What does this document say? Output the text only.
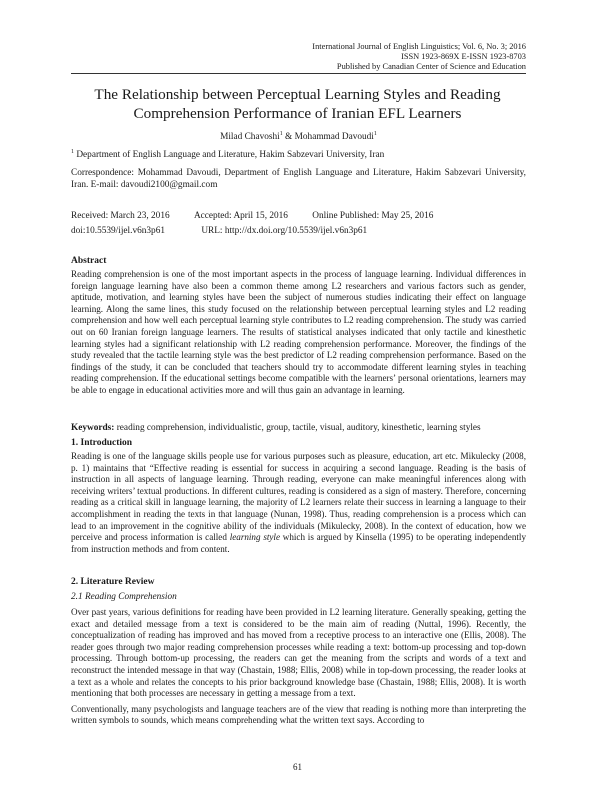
International Journal of English Linguistics; Vol. 6, No. 3; 2016
ISSN 1923-869X E-ISSN 1923-8703
Published by Canadian Center of Science and Education
The Relationship between Perceptual Learning Styles and Reading
Comprehension Performance of Iranian EFL Learners
Milad Chavoshi$^1$ & Mohammad Davoudi$^1$
$^1$ Department of English Language and Literature, Hakim Sabzevari University, Iran
Correspondence: Mohammad Davoudi, Department of English Language and Literature, Hakim Sabzevari University, Iran. E-mail: davoudi2100@gmail.com
Received: March 23, 2016	Accepted: April 15, 2016	Online Published: May 25, 2016
doi:10.5539/ijel.v6n3p61	URL: http://dx.doi.org/10.5539/ijel.v6n3p61
Abstract

Reading comprehension is one of the most important aspects in the process of language learning. Individual differences in foreign language learning have also been a common theme among L2 researchers and various factors such as gender, aptitude, motivation, and learning styles have been the subject of numerous studies indicating their effect on language learning. Along the same lines, this study focused on the relationship between perceptual learning styles and L2 reading comprehension and how well each perceptual learning style contributes to L2 reading comprehension. The study was carried out on 60 Iranian foreign language learners. The results of statistical analyses indicated that only tactile and kinesthetic learning styles had a significant relationship with L2 reading comprehension performance. Moreover, the findings of the study revealed that the tactile learning style was the best predictor of L2 reading comprehension performance. Based on the findings of the study, it can be concluded that teachers should try to accommodate different learning styles in teaching reading comprehension. If the educational settings become compatible with the learners’ personal orientations, learners may be able to engage in educational activities more and will thus gain an advantage in learning.

Keywords: reading comprehension, individualistic, group, tactile, visual, auditory, kinesthetic, learning styles
1. Introduction

Reading is one of the language skills people use for various purposes such as pleasure, education, art etc. Mikulecky (2008, p. 1) maintains that “Effective reading is essential for success in acquiring a second language. Reading is the basis of instruction in all aspects of language learning. Through reading, everyone can make meaningful inferences along with receiving writers’ textual productions. In different cultures, reading is considered as a sign of mastery. Therefore, concerning reading as a critical skill in language learning, the majority of L2 learners relate their success in learning a language to their accomplishment in reading the texts in that language (Nunan, 1998). Thus, reading comprehension is a process which can lead to an improvement in the cognitive ability of the individuals (Mikulecky, 2008). In the context of education, how we perceive and process information is called learning style which is argued by Kinsella (1995) to be operating independently from instruction methods and from content.

2. Literature Review
2.1 Reading Comprehension

Over past years, various definitions for reading have been provided in L2 learning literature. Generally speaking, getting the exact and detailed message from a text is considered to be the main aim of reading (Nuttal, 1996). Recently, the conceptualization of reading has improved and has moved from a receptive process to an interactive one (Ellis, 2008). The reader goes through two major reading comprehension processes while reading a text: bottom-up processing and top-down processing. Through bottom-up processing, the readers can get the meaning from the scripts and words of a text and reconstruct the intended message in that way (Chastain, 1988; Ellis, 2008) while in top-down processing, the reader looks at a text as a whole and relates the concepts to his prior background knowledge base (Chastain, 1988; Ellis, 2008). It is worth mentioning that both processes are necessary in getting a message from a text.

Conventionally, many psychologists and language teachers are of the view that reading is nothing more than interpreting the written symbols to sounds, which means comprehending what the written text says. According to

61
